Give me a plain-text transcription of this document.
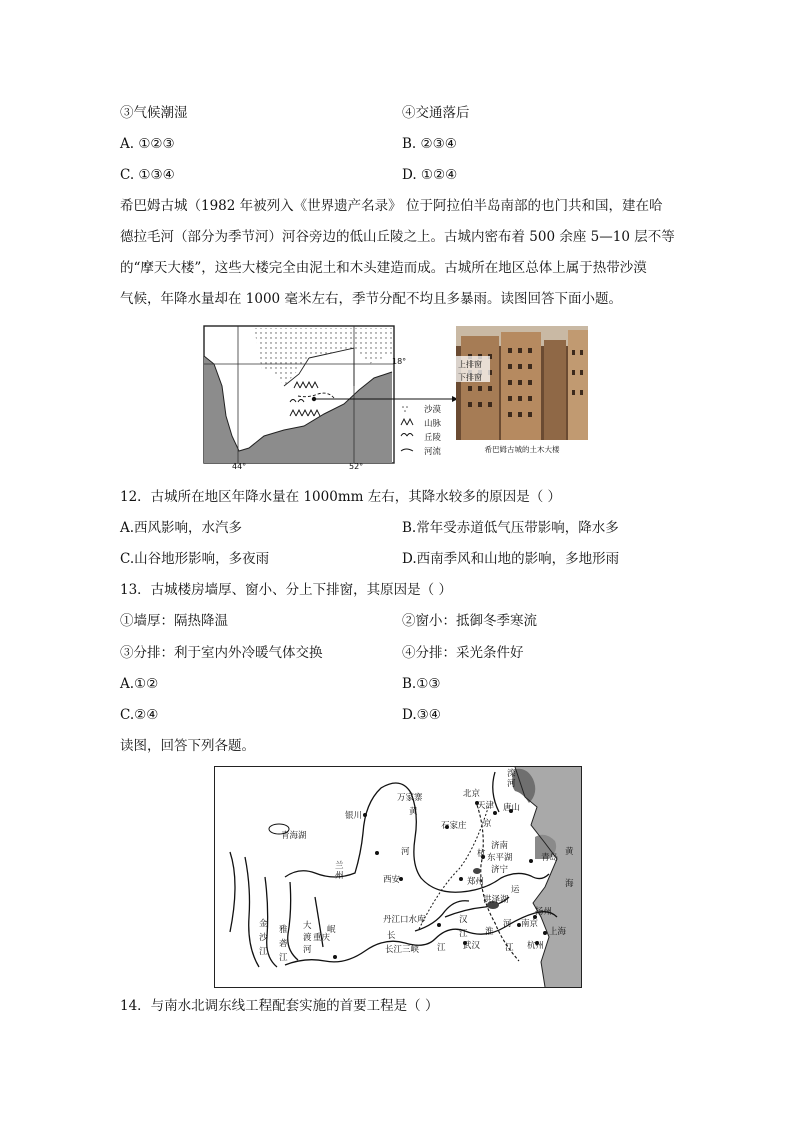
③气候潮湿	④交通落后
A. ①②③	B. ②③④
C. ①③④	D. ①②④
希巴姆古城（1982 年被列入《世界遗产名录》 位于阿拉伯半岛南部的也门共和国，建在哈
德拉毛河（部分为季节河）河谷旁边的低山丘陵之上。古城内密布着 500 余座 5—10 层不等
的“摩天大楼”，这些大楼完全由泥土和木头建造而成。古城所在地区总体上属于热带沙漠
气候，年降水量却在 1000 毫米左右，季节分配不均且多暴雨。读图回答下面小题。
18°
44°	52°
沙漠
山脉
丘陵
河流
上排窗
下排窗
希巴姆古城的土木大楼
12．古城所在地区年降水量在 1000mm 左右，其降水较多的原因是（ ）
A.西风影响，水汽多	B.常年受赤道低气压带影响，降水多
C.山谷地形影响，多夜雨	D.西南季风和山地的影响，多地形雨
13．古城楼房墙厚、窗小、分上下排窗，其原因是（ ）
①墙厚：隔热降温	②窗小：抵御冬季寒流
③分排：利于室内外冷暖气体交换	④分排：采光条件好
A.①②	B.①③
C.②④	D.③④
读图，回答下列各题。
滦
河
万家寨	北京
天津 唐山
银川	黄
石家庄 京
青海湖
河	杭
济南
东平湖
济宁
青岛
黄
兰
州	西安	郑州
运
洪泽湖
海
丹江口水库	汉
扬州
金
沙
江
雅
砻
江
大
渡
河
岷
长	江
武汉
淮
河 南京
重庆
江
长江三峡	江 杭州
上海
14．与南水北调东线工程配套实施的首要工程是（ ）
